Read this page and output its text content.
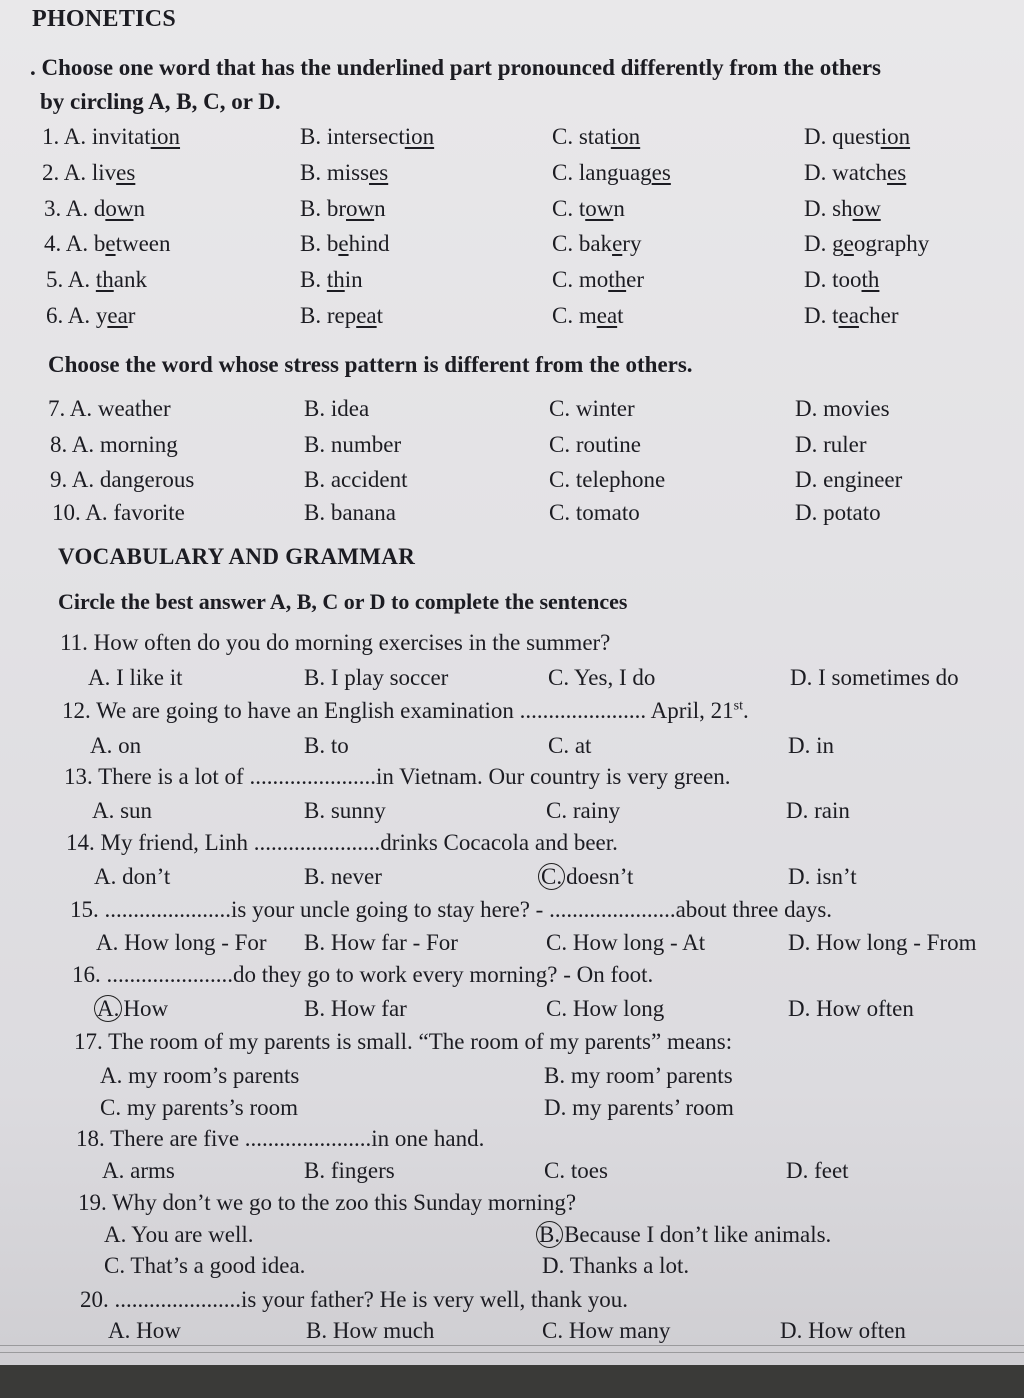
PHONETICS
. Choose one word that has the underlined part pronounced differently from the others
by circling A, B, C, or D.
1. A. invitation	B. intersection	C. station	D. question
2. A. lives	B. misses	C. languages	D. watches
3. A. down	B. brown	C. town	D. show
4. A. between	B. behind	C. bakery	D. geography
5. A. thank	B. thin	C. mother	D. tooth
6. A. year	B. repeat	C. meat	D. teacher
Choose the word whose stress pattern is different from the others.
7. A. weather	B. idea	C. winter	D. movies
8. A. morning	B. number	C. routine	D. ruler
9. A. dangerous	B. accident	C. telephone	D. engineer
10. A. favorite	B. banana	C. tomato	D. potato
VOCABULARY AND GRAMMAR
Circle the best answer A, B, C or D to complete the sentences
11. How often do you do morning exercises in the summer?
A. I like it	B. I play soccer	C. Yes, I do	D. I sometimes do
12. We are going to have an English examination ...................... April, 21st.
A. on	B. to	C. at	D. in
13. There is a lot of ......................in Vietnam. Our country is very green.
A. sun	B. sunny	C. rainy	D. rain
14. My friend, Linh ......................drinks Cocacola and beer.
A. don’t	B. never	C. doesn’t	D. isn’t
15. ......................is your uncle going to stay here? - ......................about three days.
A. How long - For B. How far - For	C. How long - At	D. How long - From
16. ......................do they go to work every morning? - On foot.
A. How	B. How far	C. How long	D. How often
17. The room of my parents is small. “The room of my parents” means:
A. my room’s parents	B. my room’ parents
C. my parents’s room	D. my parents’ room
18. There are five ......................in one hand.
A. arms	B. fingers	C. toes	D. feet
19. Why don’t we go to the zoo this Sunday morning?
A. You are well.	B. Because I don’t like animals.
C. That’s a good idea.	D. Thanks a lot.
20. ......................is your father? He is very well, thank you.
A. How	B. How much	C. How many	D. How often
